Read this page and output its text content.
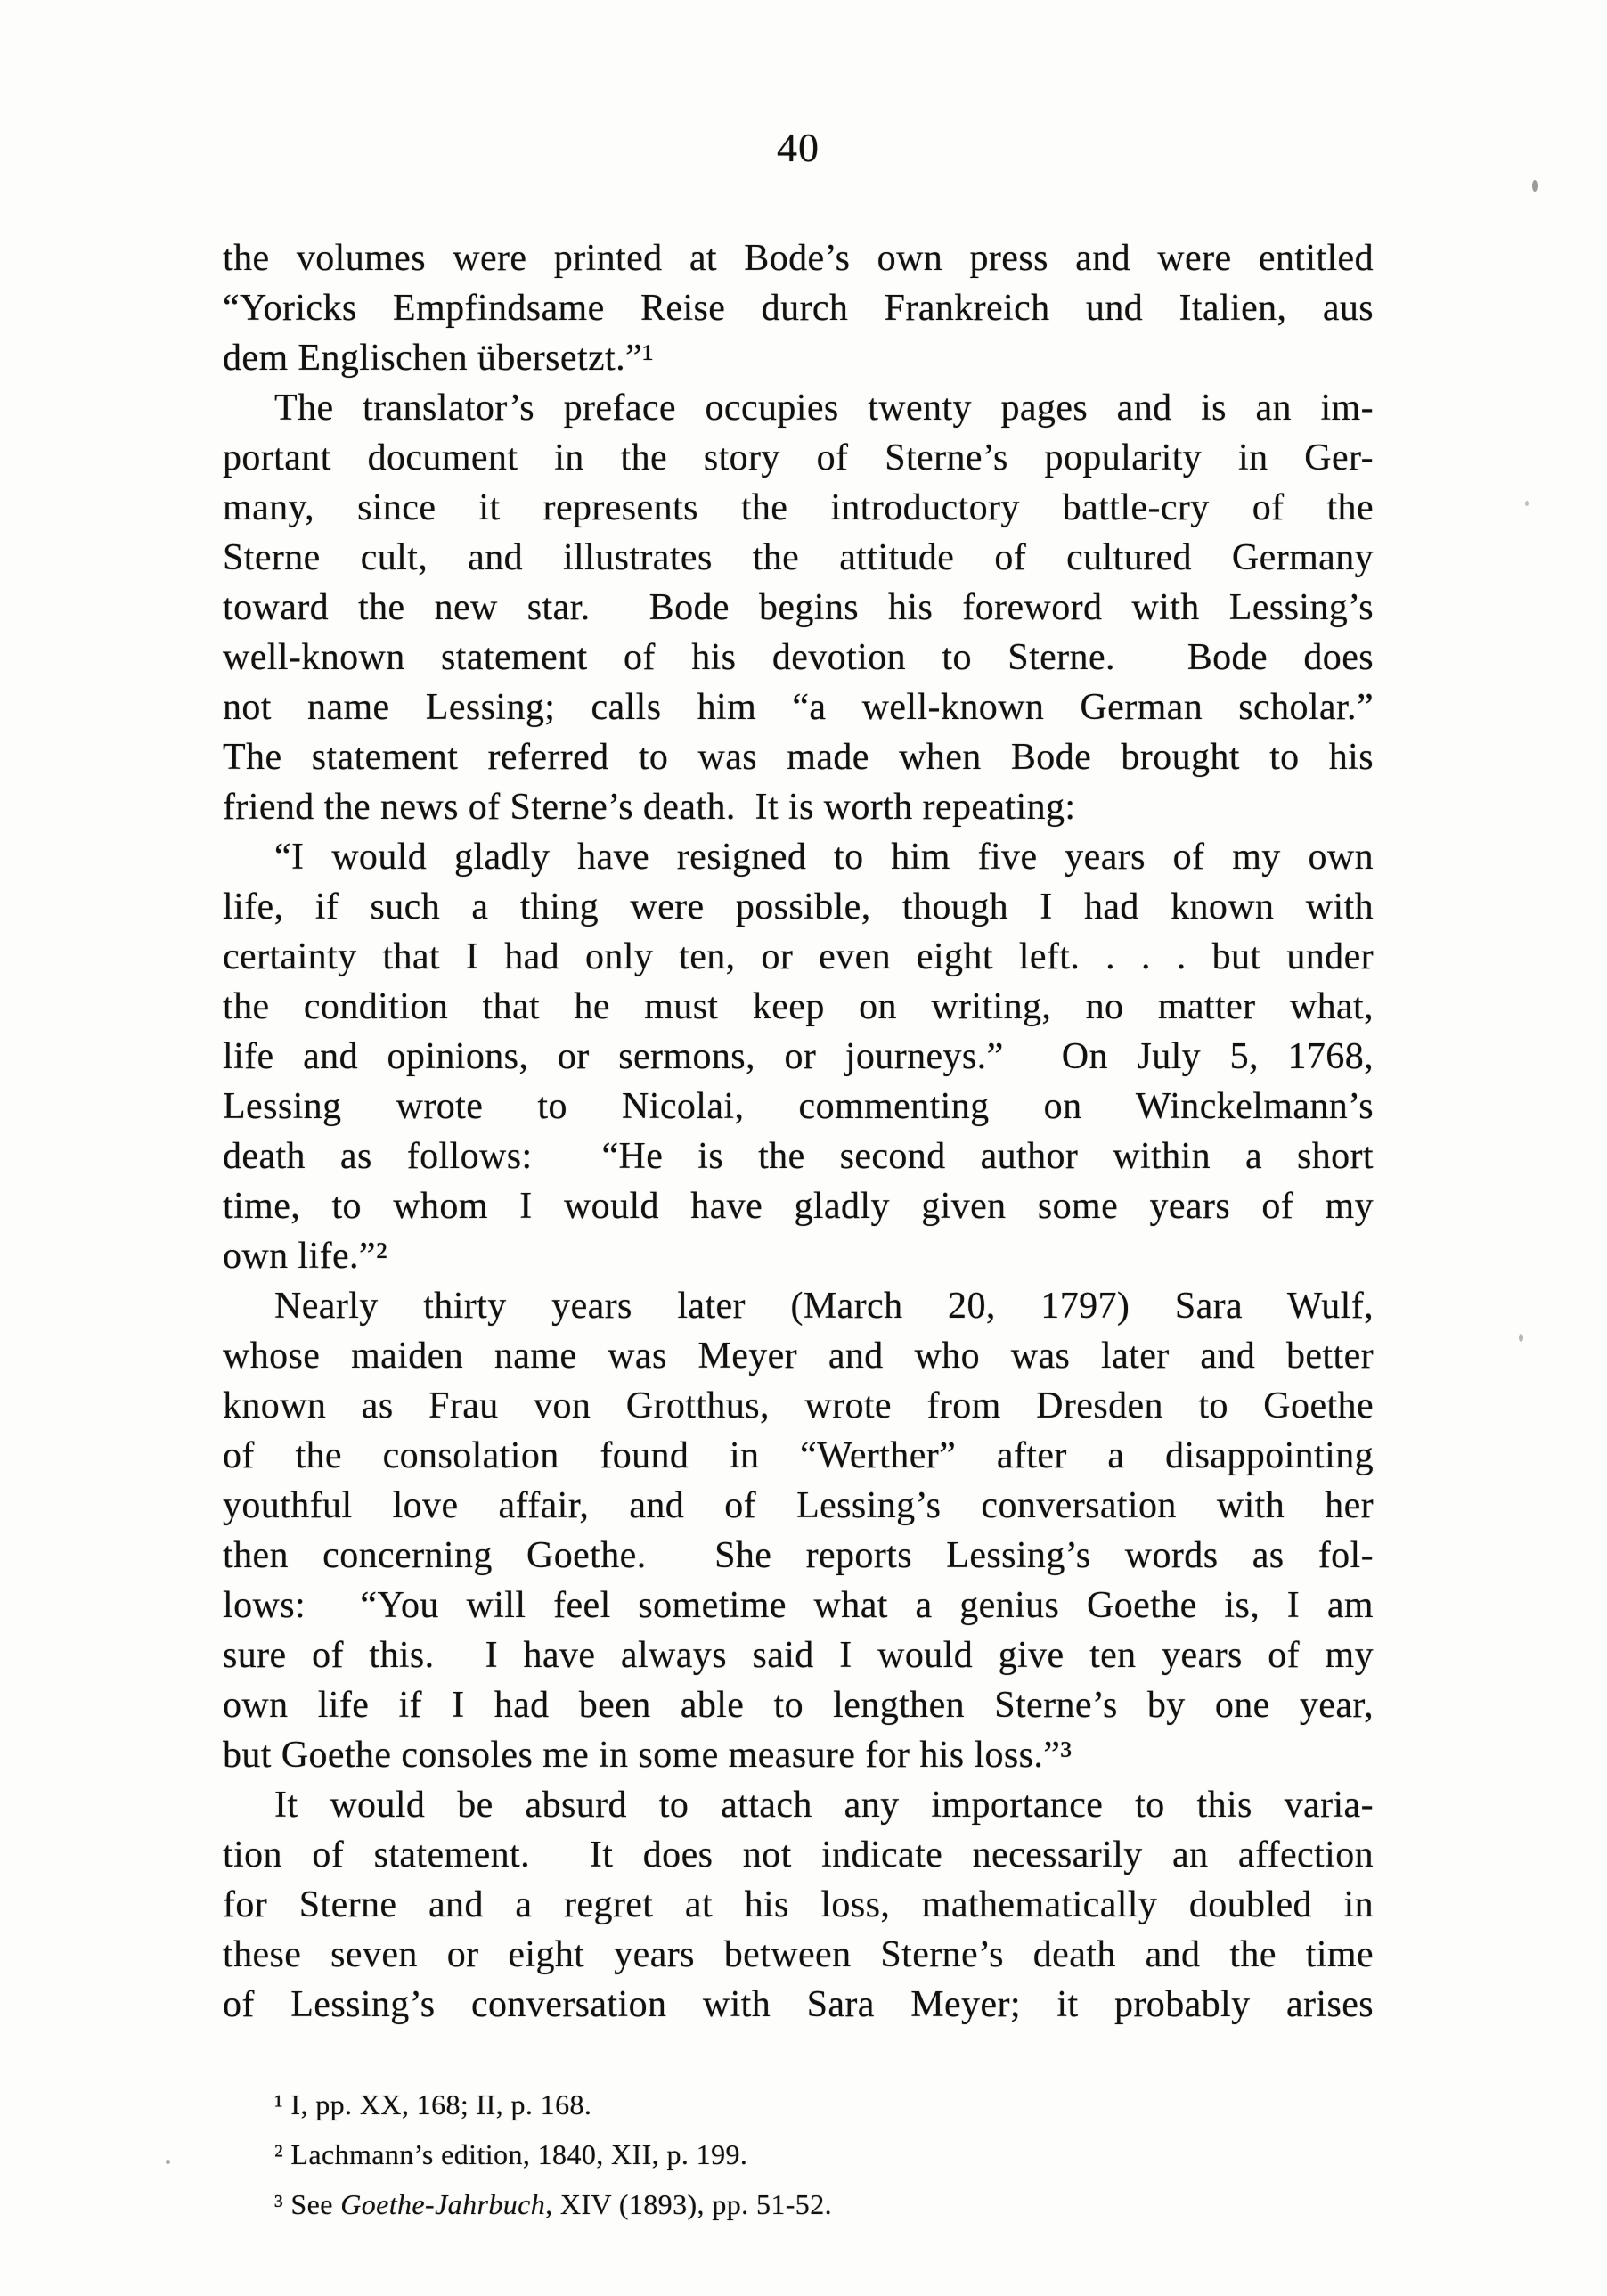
40
the volumes were printed at Bode’s own press and were entitled
“Yoricks Empfindsame Reise durch Frankreich und Italien, aus
dem Englischen übersetzt.”¹
The translator’s preface occupies twenty pages and is an im-
portant document in the story of Sterne’s popularity in Ger-
many, since it represents the introductory battle-cry of the
Sterne cult, and illustrates the attitude of cultured Germany
toward the new star.  Bode begins his foreword with Lessing’s
well-known statement of his devotion to Sterne.  Bode does
not name Lessing; calls him “a well-known German scholar.”
The statement referred to was made when Bode brought to his
friend the news of Sterne’s death.  It is worth repeating:
“I would gladly have resigned to him five years of my own
life, if such a thing were possible, though I had known with
certainty that I had only ten, or even eight left. . . . but under
the condition that he must keep on writing, no matter what,
life and opinions, or sermons, or journeys.”  On July 5, 1768,
Lessing wrote to Nicolai, commenting on Winckelmann’s
death as follows:  “He is the second author within a short
time, to whom I would have gladly given some years of my
own life.”²
Nearly thirty years later (March 20, 1797) Sara Wulf,
whose maiden name was Meyer and who was later and better
known as Frau von Grotthus, wrote from Dresden to Goethe
of the consolation found in “Werther” after a disappointing
youthful love affair, and of Lessing’s conversation with her
then concerning Goethe.  She reports Lessing’s words as fol-
lows:  “You will feel sometime what a genius Goethe is, I am
sure of this.  I have always said I would give ten years of my
own life if I had been able to lengthen Sterne’s by one year,
but Goethe consoles me in some measure for his loss.”³
It would be absurd to attach any importance to this varia-
tion of statement.  It does not indicate necessarily an affection
for Sterne and a regret at his loss, mathematically doubled in
these seven or eight years between Sterne’s death and the time
of Lessing’s conversation with Sara Meyer; it probably arises
¹ I, pp. XX, 168; II, p. 168.
² Lachmann’s edition, 1840, XII, p. 199.
³ See Goethe-Jahrbuch, XIV (1893), pp. 51-52.
